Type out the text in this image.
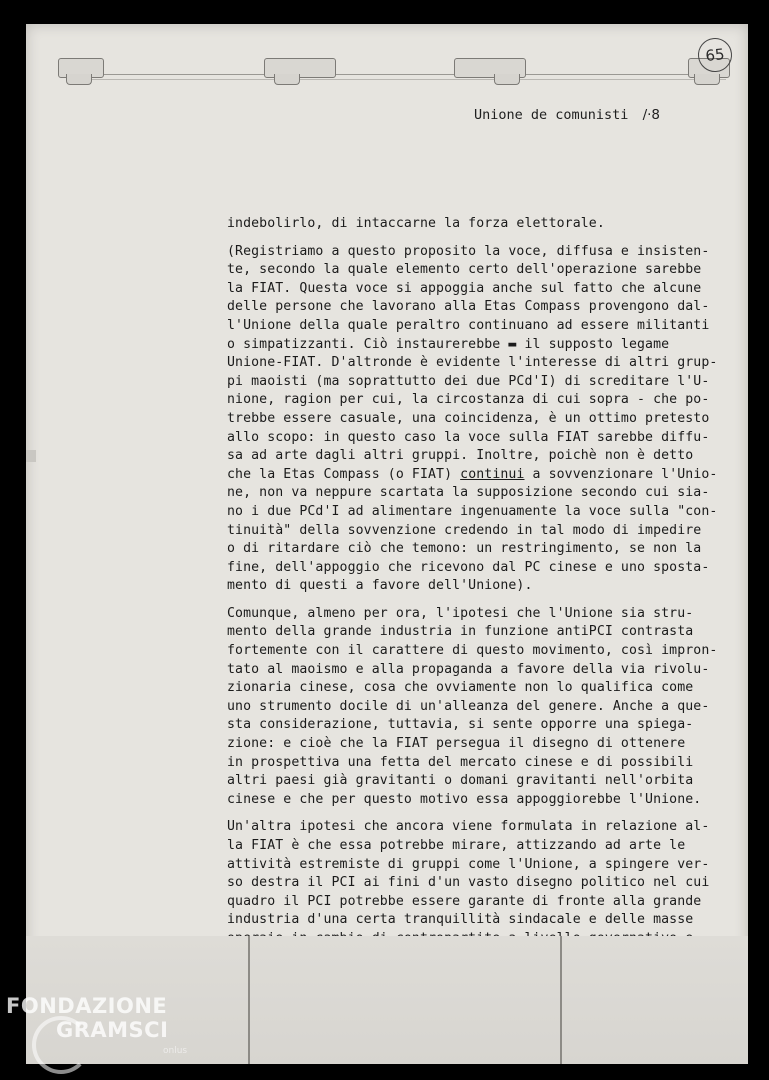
65
Unione de comunisti /·8
indebolirlo, di intaccarne la forza elettorale.
(Registriamo a questo proposito la voce, diffusa e insisten-
te, secondo la quale elemento certo dell'operazione sarebbe
la FIAT. Questa voce si appoggia anche sul fatto che alcune
delle persone che lavorano alla Etas Compass provengono dal-
l'Unione della quale peraltro continuano ad essere militanti
o simpatizzanti. Ciò instaurerebbe ▬ il supposto legame
Unione-FIAT. D'altronde è evidente l'interesse di altri grup-
pi maoisti (ma soprattutto dei due PCd'I) di screditare l'U-
nione, ragion per cui, la circostanza di cui sopra - che po-
trebbe essere casuale, una coincidenza, è un ottimo pretesto
allo scopo: in questo caso la voce sulla FIAT sarebbe diffu-
sa ad arte dagli altri gruppi. Inoltre, poichè non è detto
che la Etas Compass (o FIAT) continui a sovvenzionare l'Unio-
ne, non va neppure scartata la supposizione secondo cui sia-
no i due PCd'I ad alimentare ingenuamente la voce sulla "con-
tinuità" della sovvenzione credendo in tal modo di impedire
o di ritardare ciò che temono: un restringimento, se non la
fine, dell'appoggio che ricevono dal PC cinese e uno sposta-
mento di questi a favore dell'Unione).
Comunque, almeno per ora, l'ipotesi che l'Unione sia stru-
mento della grande industria in funzione antiPCI contrasta
fortemente con il carattere di questo movimento, così impron-
tato al maoismo e alla propaganda a favore della via rivolu-
zionaria cinese, cosa che ovviamente non lo qualifica come
uno strumento docile di un'alleanza del genere. Anche a que-
sta considerazione, tuttavia, si sente opporre una spiega-
zione: e cioè che la FIAT persegua il disegno di ottenere
in prospettiva una fetta del mercato cinese e di possibili
altri paesi già gravitanti o domani gravitanti nell'orbita
cinese e che per questo motivo essa appoggiorebbe l'Unione.
Un'altra ipotesi che ancora viene formulata in relazione al-
la FIAT è che essa potrebbe mirare, attizzando ad arte le
attività estremiste di gruppi come l'Unione, a spingere ver-
so destra il PCI ai fini d'un vasto disegno politico nel cui
quadro il PCI potrebbe essere garante di fronte alla grande
industria d'una certa tranquillità sindacale e delle masse
FONDAZIONE
GRAMSCI
onlus
